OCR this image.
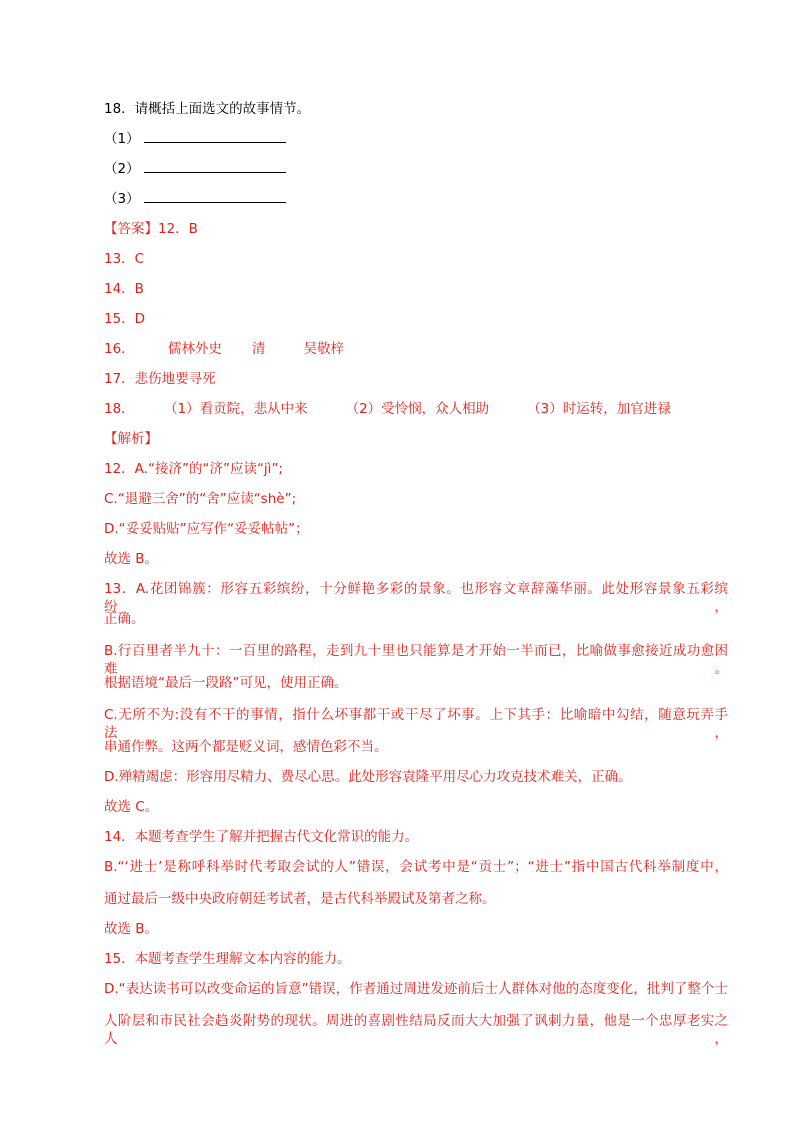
18．请概括上面选文的故事情节。
（1）
（2）
（3）
【答案】12．B
13．C
14．B
15．D
16． 儒林外史 清	吴敬梓
17．悲伤地要寻死
18． （1）看贡院，悲从中来	（2）受怜悯，众人相助	（3）时运转，加官进禄
【解析】
12．A.“接济”的“济”应读“jì”;
C.“退避三舍”的“舍”应读“shè”;
D.“妥妥贴贴”应写作“妥妥帖帖”；
故选 B。
13．A.花团锦簇：形容五彩缤纷，十分鲜艳多彩的景象。也形容文章辞藻华丽。此处形容景象五彩缤纷，
正确。
B.行百里者半九十：一百里的路程，走到九十里也只能算是才开始一半而已，比喻做事愈接近成功愈困难。
根据语境“最后一段路”可见，使用正确。
C.无所不为:没有不干的事情，指什么坏事都干或干尽了坏事。上下其手：比喻暗中勾结，随意玩弄手法，
串通作弊。这两个都是贬义词，感情色彩不当。
D.殚精竭虑：形容用尽精力、费尽心思。此处形容袁隆平用尽心力攻克技术难关，正确。
故选 C。
14．本题考查学生了解并把握古代文化常识的能力。
B.“‘进士’是称呼科举时代考取会试的人”错误，会试考中是“贡士”；“进士”指中国古代科举制度中，
通过最后一级中央政府朝廷考试者，是古代科举殿试及第者之称。
故选 B。
15．本题考查学生理解文本内容的能力。
D.“表达读书可以改变命运的旨意”错误，作者通过周进发迹前后士人群体对他的态度变化，批判了整个士
人阶层和市民社会趋炎附势的现状。周进的喜剧性结局反而大大加强了讽刺力量，他是一个忠厚老实之人，
